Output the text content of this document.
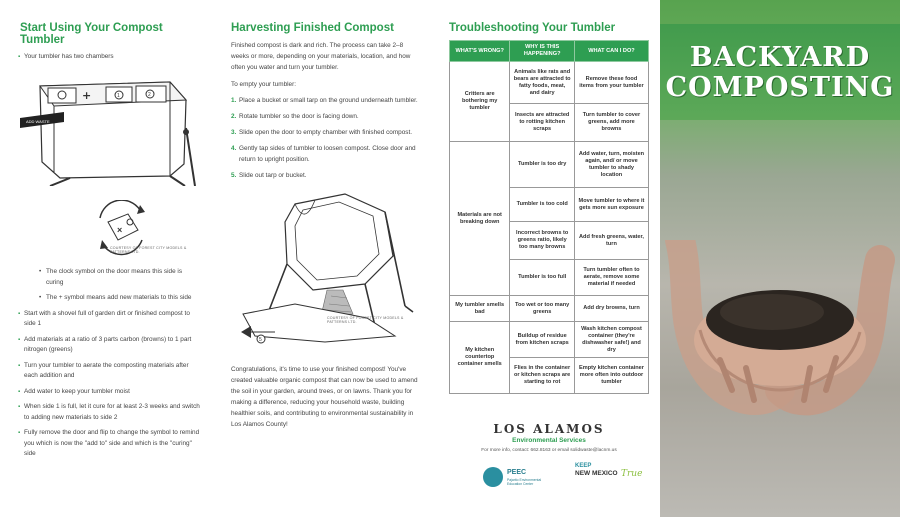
Start Using Your Compost Tumbler
▪ Your tumbler has two chambers
+	1	2
ADD WASTE
×
COURTESY OF FOREST CITY MODELS & PATTERNS LTD.
• The clock symbol on the door means this side is curing
• The + symbol means add new materials to this side
▪ Start with a shovel full of garden dirt or finished compost to side 1
▪ Add materials at a ratio of 3 parts carbon (browns) to 1 part nitrogen (greens)
▪ Turn your tumbler to aerate the composting materials after each addition and
▪ Add water to keep your tumbler moist
▪ When side 1 is full, let it cure for at least 2-3 weeks and switch to adding new materials to side 2
▪ Fully remove the door and flip to change the symbol to remind you which is now the "add to" side and which is the "curing" side
Harvesting Finished Compost
Finished compost is dark and rich. The process can take 2–8 weeks or more, depending on your materials, location, and how often you water and turn your tumbler.
To empty your tumbler:
1. Place a bucket or small tarp on the ground underneath tumbler.
2. Rotate tumbler so the door is facing down.
3. Slide open the door to empty chamber with finished compost.
4. Gently tap sides of tumbler to loosen compost. Close door and return to upright position.
5. Slide out tarp or bucket.
5
COURTESY OF FOREST CITY MODELS & PATTERNS LTD.
Congratulations, it's time to use your finished compost! You've created valuable organic compost that can now be used to amend the soil in your garden, around trees, or on lawns. Thank you for making a difference, reducing your household waste, building healthier soils, and contributing to environmental sustainability in Los Alamos County!
Troubleshooting Your Tumbler
WHAT'S WRONG?	WHY IS THIS HAPPENING?	WHAT CAN I DO?
Critters are bothering my tumbler	Animals like rats and bears are attracted to fatty foods, meat, and dairy	Remove these food items from your tumbler
	Insects are attracted to rotting kitchen scraps	Turn tumbler to cover greens, add more browns
Materials are not breaking down	Tumbler is too dry	Add water, turn, moisten again, and/ or move tumbler to shady location
	Tumbler is too cold	Move tumbler to where it gets more sun exposure
	Incorrect browns to greens ratio, likely too many browns	Add fresh greens, water, turn
	Tumbler is too full	Turn tumbler often to aerate, remove some material if needed
My tumbler smells bad	Too wet or too many greens	Add dry browns, turn
My kitchen countertop container smells	Buildup of residue from kitchen scraps	Wash kitchen compost container (they're dishwasher safe!) and dry
	Flies in the container or kitchen scraps are starting to rot	Empty kitchen container more often into outdoor tumbler
LOS ALAMOS
Environmental Services
For more info, contact: 662.8163 or email solidwaste@lacnm.us
PEEC
Pajarito Environmental Education Center
KEEP
NEW MEXICO True
BACKYARD
COMPOSTING
